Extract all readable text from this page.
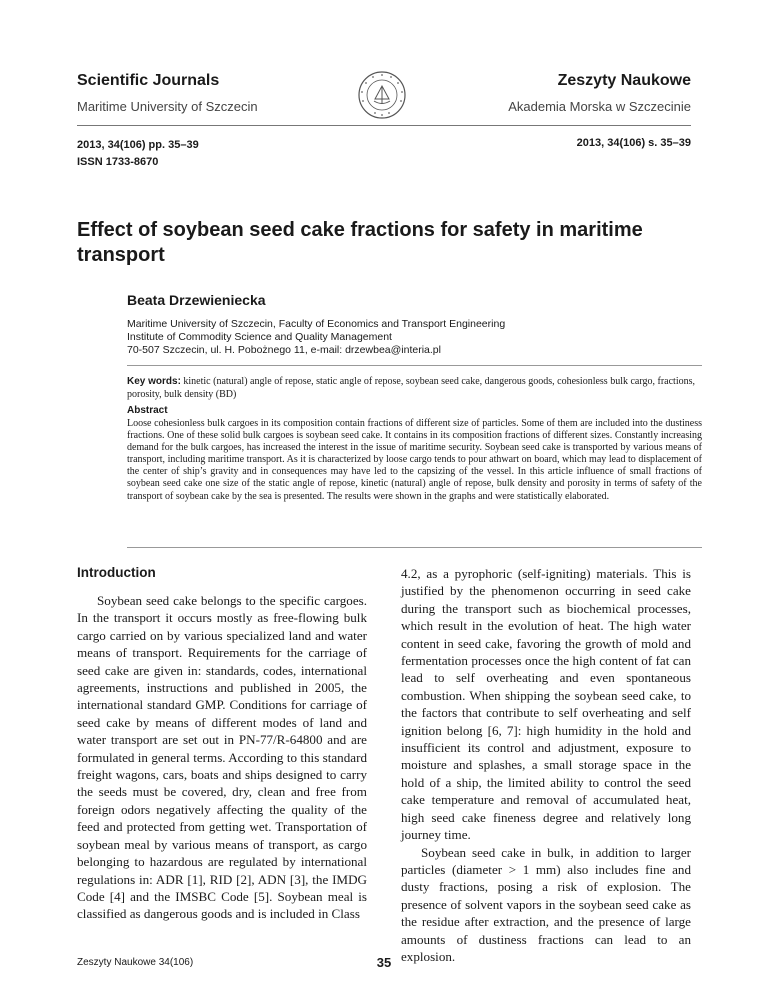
Scientific Journals
Maritime University of Szczecin
Zeszyty Naukowe
Akademia Morska w Szczecinie
2013, 34(106) pp. 35–39
ISSN 1733-8670
2013, 34(106) s. 35–39
Effect of soybean seed cake fractions for safety in maritime transport
Beata Drzewieniecka
Maritime University of Szczecin, Faculty of Economics and Transport Engineering
Institute of Commodity Science and Quality Management
70-507 Szczecin, ul. H. Pobożnego 11, e-mail: drzewbea@interia.pl
Key words: kinetic (natural) angle of repose, static angle of repose, soybean seed cake, dangerous goods, cohesionless bulk cargo, fractions, porosity, bulk density (BD)
Abstract
Loose cohesionless bulk cargoes in its composition contain fractions of different size of particles. Some of them are included into the dustiness fractions. One of these solid bulk cargoes is soybean seed cake. It contains in its composition fractions of different sizes. Constantly increasing demand for the bulk cargoes, has increased the interest in the issue of maritime security. Soybean seed cake is transported by various means of transport, including maritime transport. As it is characterized by loose cargo tends to pour athwart on board, which may lead to displacement of the center of ship’s gravity and in consequences may have led to the capsizing of the vessel. In this article influence of small fractions of soybean seed cake one size of the static angle of repose, kinetic (natural) angle of repose, bulk density and porosity in terms of safety of the transport of soybean cake by the sea is presented. The results were shown in the graphs and were statistically elaborated.
Introduction

Soybean seed cake belongs to the specific cargoes. In the transport it occurs mostly as free-flowing bulk cargo carried on by various specialized land and water means of transport. Requirements for the carriage of seed cake are given in: standards, codes, international agreements, instructions and published in 2005, the international standard GMP. Conditions for carriage of seed cake by means of different modes of land and water transport are set out in PN-77/R-64800 and are formulated in general terms. According to this standard freight wagons, cars, boats and ships designed to carry the seeds must be covered, dry, clean and free from foreign odors negatively affecting the quality of the feed and protected from getting wet. Transportation of soybean meal by various means of transport, as cargo belonging to hazardous are regulated by international regulations in: ADR [1], RID [2], ADN [3], the IMDG Code [4] and the IMSBC Code [5]. Soybean meal is classified as dangerous goods and is included in Class

4.2, as a pyrophoric (self-igniting) materials. This is justified by the phenomenon occurring in seed cake during the transport such as biochemical processes, which result in the evolution of heat. The high water content in seed cake, favoring the growth of mold and fermentation processes once the high content of fat can lead to self overheating and even spontaneous combustion. When shipping the soybean seed cake, to the factors that contribute to self overheating and self ignition belong [6, 7]: high humidity in the hold and insufficient its control and adjustment, exposure to moisture and splashes, a small storage space in the hold of a ship, the limited ability to control the seed cake temperature and removal of accumulated heat, high seed cake fineness degree and relatively long journey time.

Soybean seed cake in bulk, in addition to larger particles (diameter > 1 mm) also includes fine and dusty fractions, posing a risk of explosion. The presence of solvent vapors in the soybean seed cake as the residue after extraction, and the presence of large amounts of dustiness fractions can lead to an explosion.

Zeszyty Naukowe 34(106)	35
